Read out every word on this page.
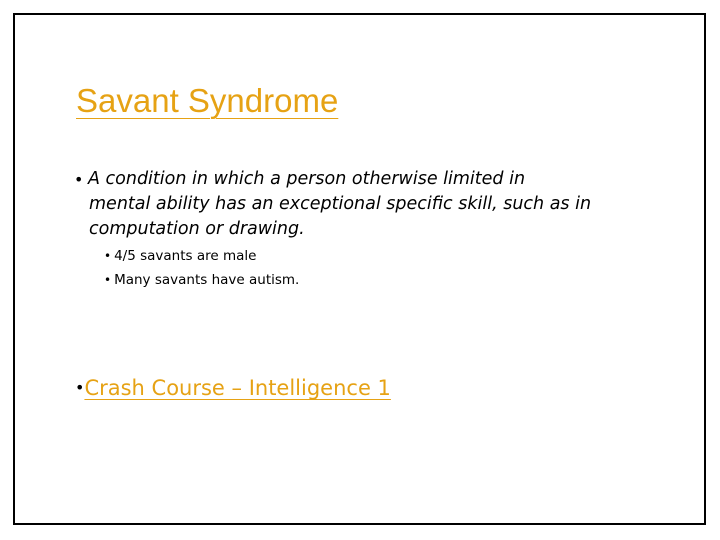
Savant Syndrome
• A condition in which a person otherwise limited in
mental ability has an exceptional specific skill, such as in
computation or drawing.
• 4/5 savants are male
• Many savants have autism.
•Crash Course – Intelligence 1
